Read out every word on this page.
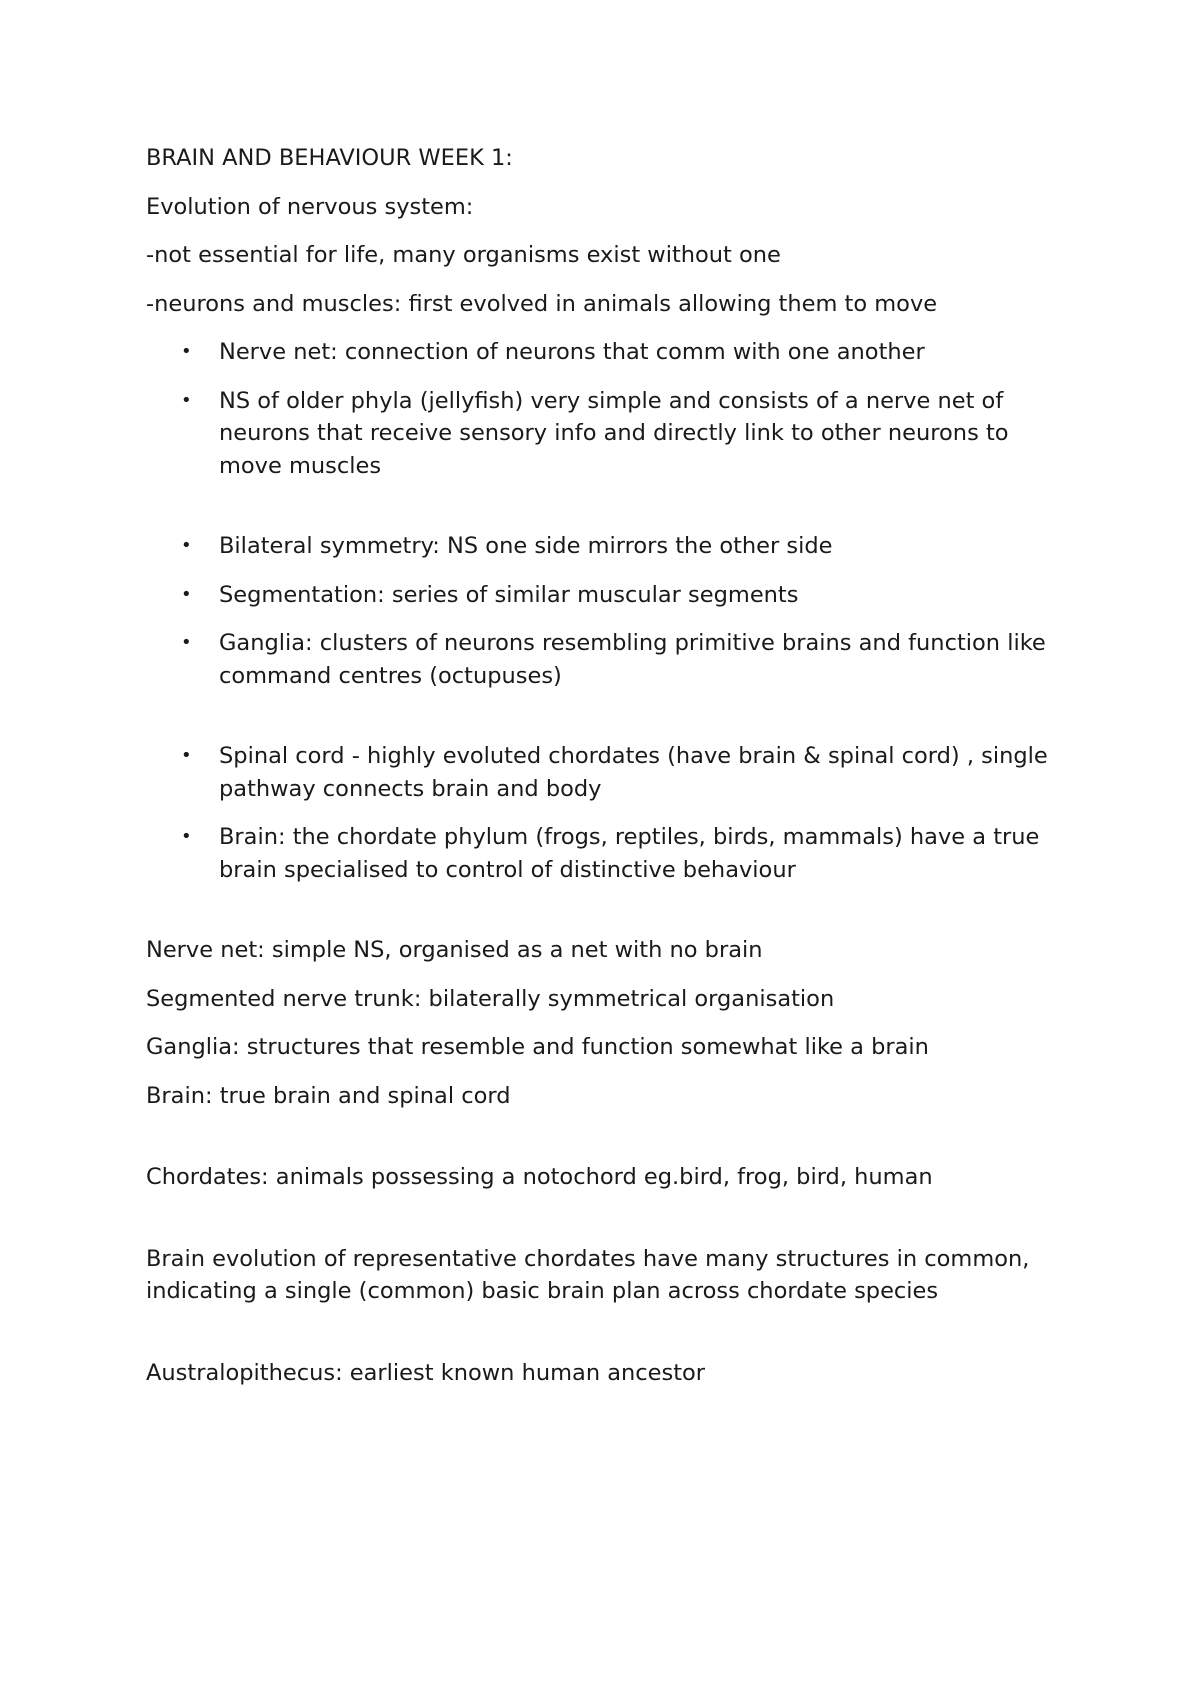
BRAIN AND BEHAVIOUR WEEK 1:

Evolution of nervous system:

-not essential for life, many organisms exist without one

-neurons and muscles: first evolved in animals allowing them to move

• Nerve net: connection of neurons that comm with one another
• NS of older phyla (jellyfish) very simple and consists of a nerve net of neurons that receive sensory info and directly link to other neurons to move muscles
• Bilateral symmetry: NS one side mirrors the other side
• Segmentation: series of similar muscular segments
• Ganglia: clusters of neurons resembling primitive brains and function like command centres (octupuses)
• Spinal cord - highly evoluted chordates (have brain & spinal cord) , single pathway connects brain and body
• Brain: the chordate phylum (frogs, reptiles, birds, mammals) have a true brain specialised to control of distinctive behaviour

Nerve net: simple NS, organised as a net with no brain

Segmented nerve trunk: bilaterally symmetrical organisation

Ganglia: structures that resemble and function somewhat like a brain

Brain: true brain and spinal cord

Chordates: animals possessing a notochord eg.bird, frog, bird, human

Brain evolution of representative chordates have many structures in common, indicating a single (common) basic brain plan across chordate species

Australopithecus: earliest known human ancestor
